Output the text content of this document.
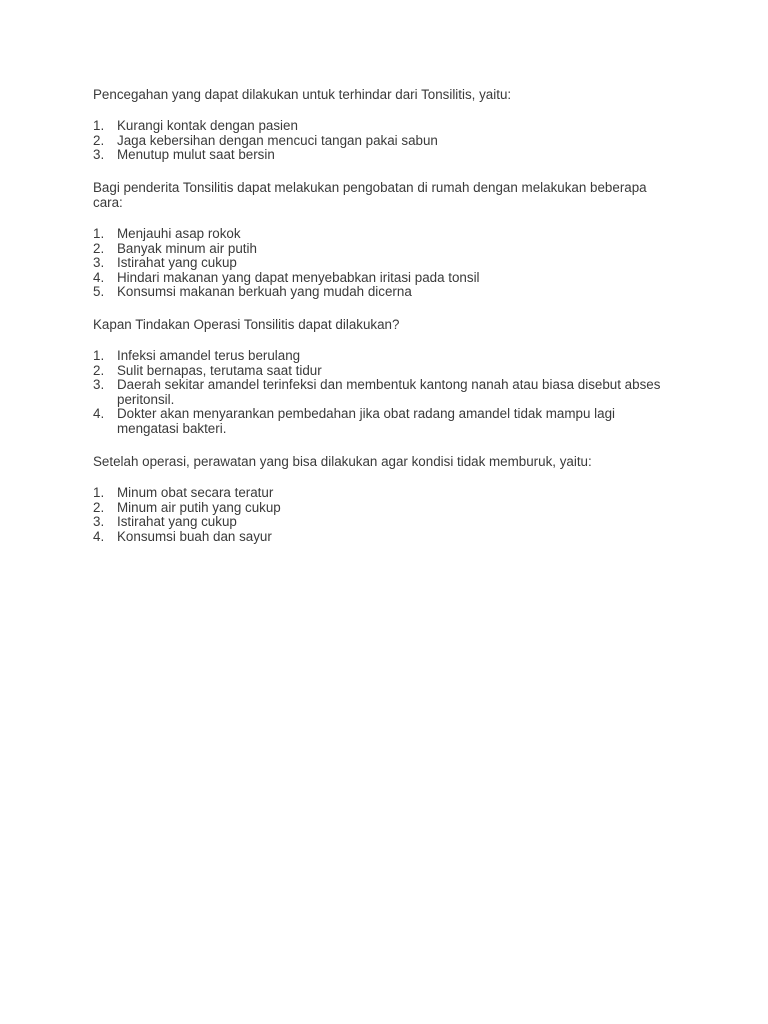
Pencegahan yang dapat dilakukan untuk terhindar dari Tonsilitis, yaitu:

1. Kurangi kontak dengan pasien
2. Jaga kebersihan dengan mencuci tangan pakai sabun
3. Menutup mulut saat bersin

Bagi penderita Tonsilitis dapat melakukan pengobatan di rumah dengan melakukan beberapa cara:

1. Menjauhi asap rokok
2. Banyak minum air putih
3. Istirahat yang cukup
4. Hindari makanan yang dapat menyebabkan iritasi pada tonsil
5. Konsumsi makanan berkuah yang mudah dicerna

Kapan Tindakan Operasi Tonsilitis dapat dilakukan?

1. Infeksi amandel terus berulang
2. Sulit bernapas, terutama saat tidur
3. Daerah sekitar amandel terinfeksi dan membentuk kantong nanah atau biasa disebut abses peritonsil.
4. Dokter akan menyarankan pembedahan jika obat radang amandel tidak mampu lagi mengatasi bakteri.

Setelah operasi, perawatan yang bisa dilakukan agar kondisi tidak memburuk, yaitu:

1. Minum obat secara teratur
2. Minum air putih yang cukup
3. Istirahat yang cukup
4. Konsumsi buah dan sayur
